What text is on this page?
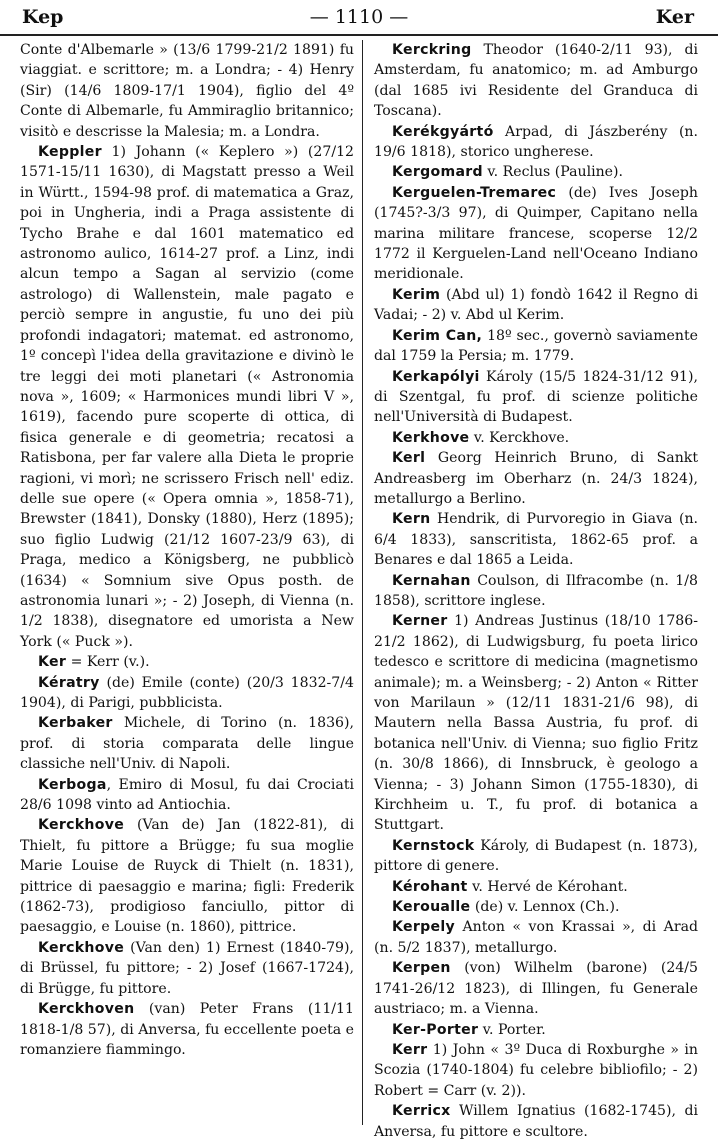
Kep	— 1110 —	Ker

Conte d'Albemarle » (13/6 1799-21/2 1891) fu viaggiat. e scrittore; m. a Londra; - 4) Henry (Sir) (14/6 1809-17/1 1904), figlio del 4º Conte di Albemarle, fu Ammiraglio britannico; visitò e descrisse la Malesia; m. a Londra.

Keppler 1) Johann (« Keplero ») (27/12 1571-15/11 1630), di Magstatt presso a Weil in Württ., 1594-98 prof. di matematica a Graz, poi in Ungheria, indi a Praga assistente di Tycho Brahe e dal 1601 matematico ed astronomo aulico, 1614-27 prof. a Linz, indi alcun tempo a Sagan al servizio (come astrologo) di Wallenstein, male pagato e perciò sempre in angustie, fu uno dei più profondi indagatori; matemat. ed astronomo, 1º concepì l'idea della gravitazione e divinò le tre leggi dei moti planetari (« Astronomia nova », 1609; « Harmonices mundi libri V », 1619), facendo pure scoperte di ottica, di fisica generale e di geometria; recatosi a Ratisbona, per far valere alla Dieta le proprie ragioni, vi morì; ne scrissero Frisch nell' ediz. delle sue opere (« Opera omnia », 1858-71), Brewster (1841), Donsky (1880), Herz (1895); suo figlio Ludwig (21/12 1607-23/9 63), di Praga, medico a Königsberg, ne pubblicò (1634) « Somnium sive Opus posth. de astronomia lunari »; - 2) Joseph, di Vienna (n. 1/2 1838), disegnatore ed umorista a New York (« Puck »).

Ker = Kerr (v.).

Kératry (de) Emile (conte) (20/3 1832-7/4 1904), di Parigi, pubblicista.

Kerbaker Michele, di Torino (n. 1836), prof. di storia comparata delle lingue classiche nell'Univ. di Napoli.

Kerboga, Emiro di Mosul, fu dai Crociati 28/6 1098 vinto ad Antiochia.

Kerckhove (Van de) Jan (1822-81), di Thielt, fu pittore a Brügge; fu sua moglie Marie Louise de Ruyck di Thielt (n. 1831), pittrice di paesaggio e marina; figli: Frederik (1862-73), prodigioso fanciullo, pittor di paesaggio, e Louise (n. 1860), pittrice.

Kerckhove (Van den) 1) Ernest (1840-79), di Brüssel, fu pittore; - 2) Josef (1667-1724), di Brügge, fu pittore.

Kerckhoven (van) Peter Frans (11/11 1818-1/8 57), di Anversa, fu eccellente poeta e romanziere fiammingo.

Kerckring Theodor (1640-2/11 93), di Amsterdam, fu anatomico; m. ad Amburgo (dal 1685 ivi Residente del Granduca di Toscana).

Kerékgyártó Arpad, di Jászberény (n. 19/6 1818), storico ungherese.

Kergomard v. Reclus (Pauline).

Kerguelen-Tremarec (de) Ives Joseph (1745?-3/3 97), di Quimper, Capitano nella marina militare francese, scoperse 12/2 1772 il Kerguelen-Land nell'Oceano Indiano meridionale.

Kerim (Abd ul) 1) fondò 1642 il Regno di Vadai; - 2) v. Abd ul Kerim.

Kerim Can, 18º sec., governò saviamente dal 1759 la Persia; m. 1779.

Kerkapólyi Károly (15/5 1824-31/12 91), di Szentgal, fu prof. di scienze politiche nell'Università di Budapest.

Kerkhove v. Kerckhove.

Kerl Georg Heinrich Bruno, di Sankt Andreasberg im Oberharz (n. 24/3 1824), metallurgo a Berlino.

Kern Hendrik, di Purvoregio in Giava (n. 6/4 1833), sanscritista, 1862-65 prof. a Benares e dal 1865 a Leida.

Kernahan Coulson, di Ilfracombe (n. 1/8 1858), scrittore inglese.

Kerner 1) Andreas Justinus (18/10 1786-21/2 1862), di Ludwigsburg, fu poeta lirico tedesco e scrittore di medicina (magnetismo animale); m. a Weinsberg; - 2) Anton « Ritter von Marilaun » (12/11 1831-21/6 98), di Mautern nella Bassa Austria, fu prof. di botanica nell'Univ. di Vienna; suo figlio Fritz (n. 30/8 1866), di Innsbruck, è geologo a Vienna; - 3) Johann Simon (1755-1830), di Kirchheim u. T., fu prof. di botanica a Stuttgart.

Kernstock Károly, di Budapest (n. 1873), pittore di genere.

Kérohant v. Hervé de Kérohant.

Kerouallе (de) v. Lennox (Ch.).

Kerpely Anton « von Krassai », di Arad (n. 5/2 1837), metallurgo.

Kerpen (von) Wilhelm (barone) (24/5 1741-26/12 1823), di Illingen, fu Generale austriaco; m. a Vienna.

Ker-Porter v. Porter.

Kerr 1) John « 3º Duca di Roxburghe » in Scozia (1740-1804) fu celebre bibliofilo; - 2) Robert = Carr (v. 2)).

Kerricx Willem Ignatius (1682-1745), di Anversa, fu pittore e scultore.
